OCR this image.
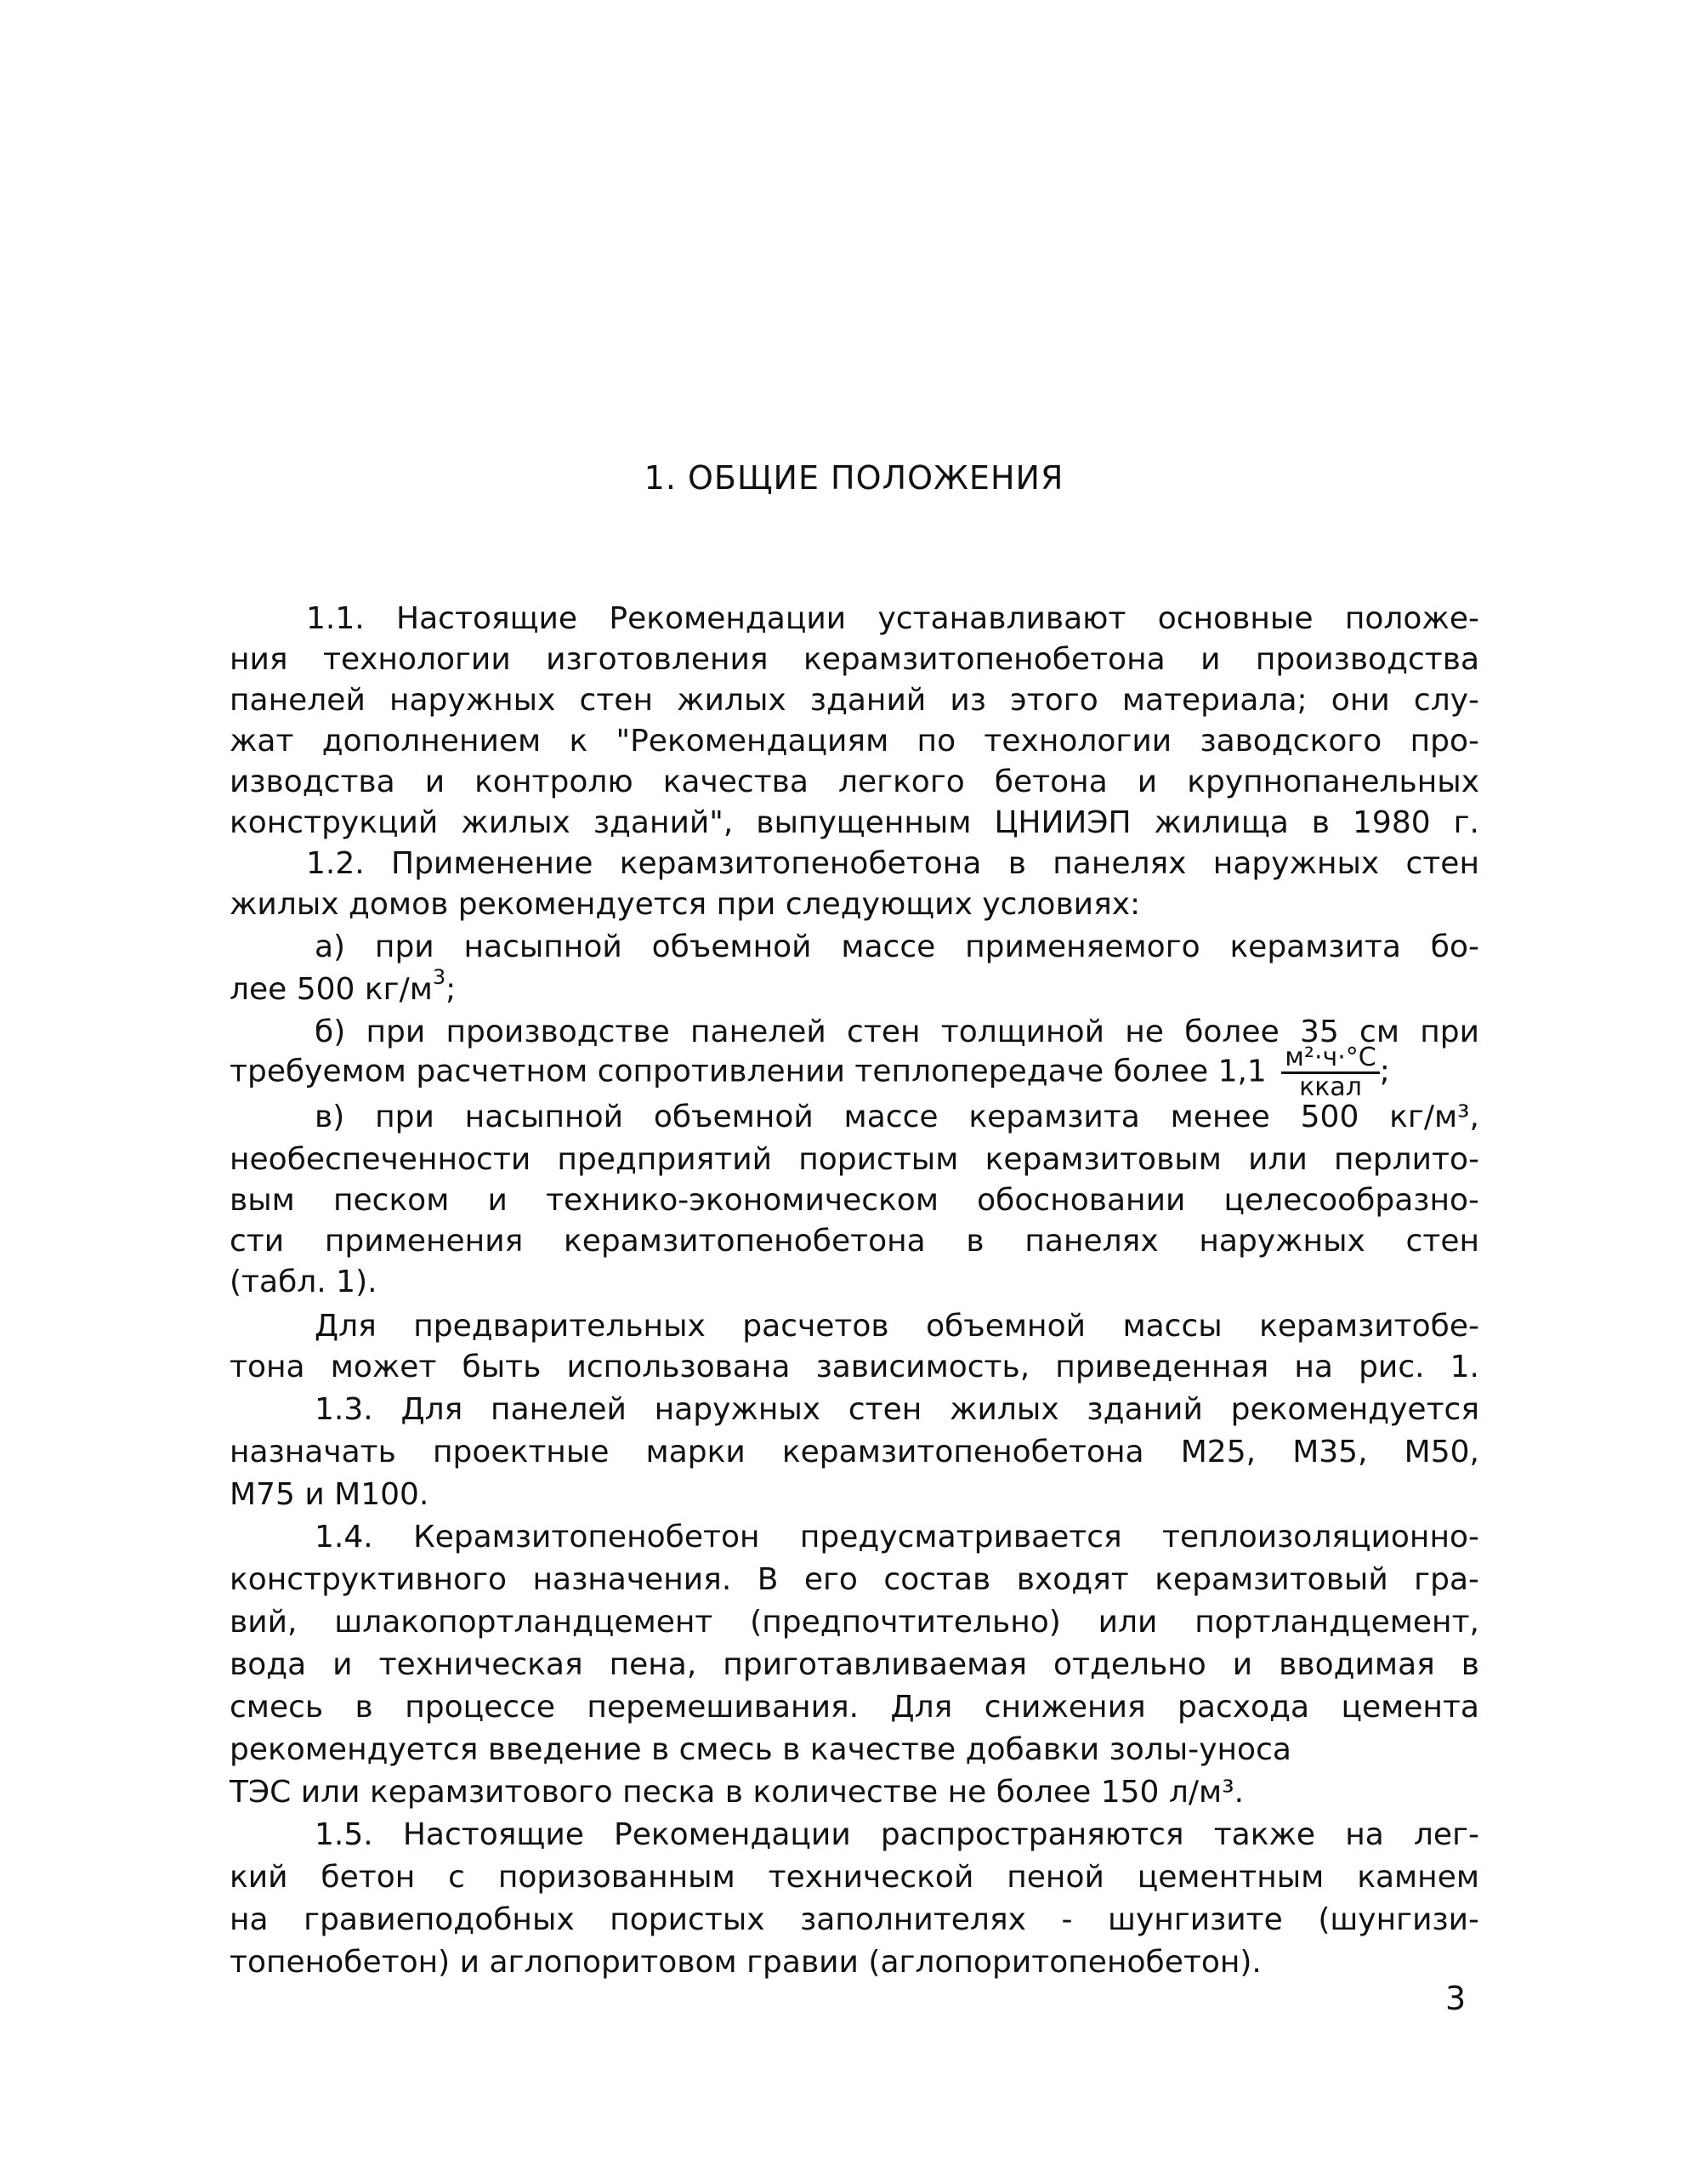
1. ОБЩИЕ ПОЛОЖЕНИЯ
1.1. Настоящие Рекомендации устанавливают основные положе-
ния технологии изготовления керамзитопенобетона и производства
панелей наружных стен жилых зданий из этого материала; они слу-
жат дополнением к "Рекомендациям по технологии заводского про-
изводства и контролю качества легкого бетона и крупнопанельных
конструкций жилых зданий", выпущенным ЦНИИЭП жилища в 1980 г.
1.2. Применение керамзитопенобетона в панелях наружных стен
жилых домов рекомендуется при следующих условиях:
а) при насыпной объемной массе применяемого керамзита бо-
лее 500 $кг/м^3$;
б) при производстве панелей стен толщиной не более 35 см при
требуемом расчетном сопротивлении теплопередаче более $1,1 \frac{\text{м²·ч·°С}}{\text{ккал}}$ ;
в) при насыпной объемной массе керамзита менее 500 кг/м³,
необеспеченности предприятий пористым керамзитовым или перлито-
вым песком и технико-экономическом обосновании целесообразно-
сти применения керамзитопенобетона в панелях наружных стен
(табл. 1).
Для предварительных расчетов объемной массы керамзитобе-
тона может быть использована зависимость, приведенная на рис. 1.
1.3. Для панелей наружных стен жилых зданий рекомендуется
назначать проектные марки керамзитопенобетона М25, М35, М50,
М75 и М100.
1.4. Керамзитопенобетон предусматривается теплоизоляционно-
конструктивного назначения. В его состав входят керамзитовый гра-
вий, шлакопортландцемент (предпочтительно) или портландцемент,
вода и техническая пена, приготавливаемая отдельно и вводимая в
смесь в процессе перемешивания. Для снижения расхода цемента
рекомендуется введение в смесь в качестве добавки золы-уноса
ТЭС или керамзитового песка в количестве не более 150 л/м³.
1.5. Настоящие Рекомендации распространяются также на лег-
кий бетон с поризованным технической пеной цементным камнем
на гравиеподобных пористых заполнителях - шунгизите (шунгизи-
топенобетон) и аглопоритовом гравии (аглопоритопенобетон).
3
